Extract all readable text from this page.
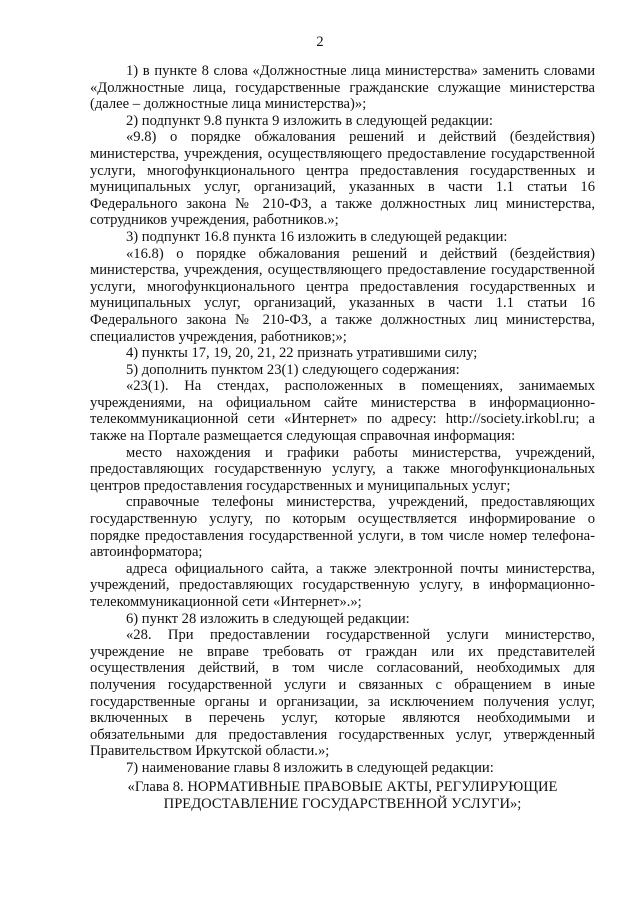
2

1) в пункте 8 слова «Должностные лица министерства» заменить словами «Должностные лица, государственные гражданские служащие министерства (далее – должностные лица министерства)»;

2) подпункт 9.8 пункта 9 изложить в следующей редакции:

«9.8) о порядке обжалования решений и действий (бездействия) министерства, учреждения, осуществляющего предоставление государственной услуги, многофункционального центра предоставления государственных и муниципальных услуг, организаций, указанных в части 1.1 статьи 16 Федерального закона № 210-ФЗ, а также должностных лиц министерства, сотрудников учреждения, работников.»;

3) подпункт 16.8 пункта 16 изложить в следующей редакции:

«16.8) о порядке обжалования решений и действий (бездействия) министерства, учреждения, осуществляющего предоставление государственной услуги, многофункционального центра предоставления государственных и муниципальных услуг, организаций, указанных в части 1.1 статьи 16 Федерального закона № 210-ФЗ, а также должностных лиц министерства, специалистов учреждения, работников;»;

4) пункты 17, 19, 20, 21, 22 признать утратившими силу;

5) дополнить пунктом 23(1) следующего содержания:

«23(1). На стендах, расположенных в помещениях, занимаемых учреждениями, на официальном сайте министерства в информационно-телекоммуникационной сети «Интернет» по адресу: http://society.irkobl.ru; а также на Портале размещается следующая справочная информация:

место нахождения и графики работы министерства, учреждений, предоставляющих государственную услугу, а также многофункциональных центров предоставления государственных и муниципальных услуг;

справочные телефоны министерства, учреждений, предоставляющих государственную услугу, по которым осуществляется информирование о порядке предоставления государственной услуги, в том числе номер телефона-автоинформатора;

адреса официального сайта, а также электронной почты министерства, учреждений, предоставляющих государственную услугу, в информационно-телекоммуникационной сети «Интернет».»;

6) пункт 28 изложить в следующей редакции:

«28. При предоставлении государственной услуги министерство, учреждение не вправе требовать от граждан или их представителей осуществления действий, в том числе согласований, необходимых для получения государственной услуги и связанных с обращением в иные государственные органы и организации, за исключением получения услуг, включенных в перечень услуг, которые являются необходимыми и обязательными для предоставления государственных услуг, утвержденный Правительством Иркутской области.»;

7) наименование главы 8 изложить в следующей редакции:

«Глава 8. НОРМАТИВНЫЕ ПРАВОВЫЕ АКТЫ, РЕГУЛИРУЮЩИЕ ПРЕДОСТАВЛЕНИЕ ГОСУДАРСТВЕННОЙ УСЛУГИ»;
